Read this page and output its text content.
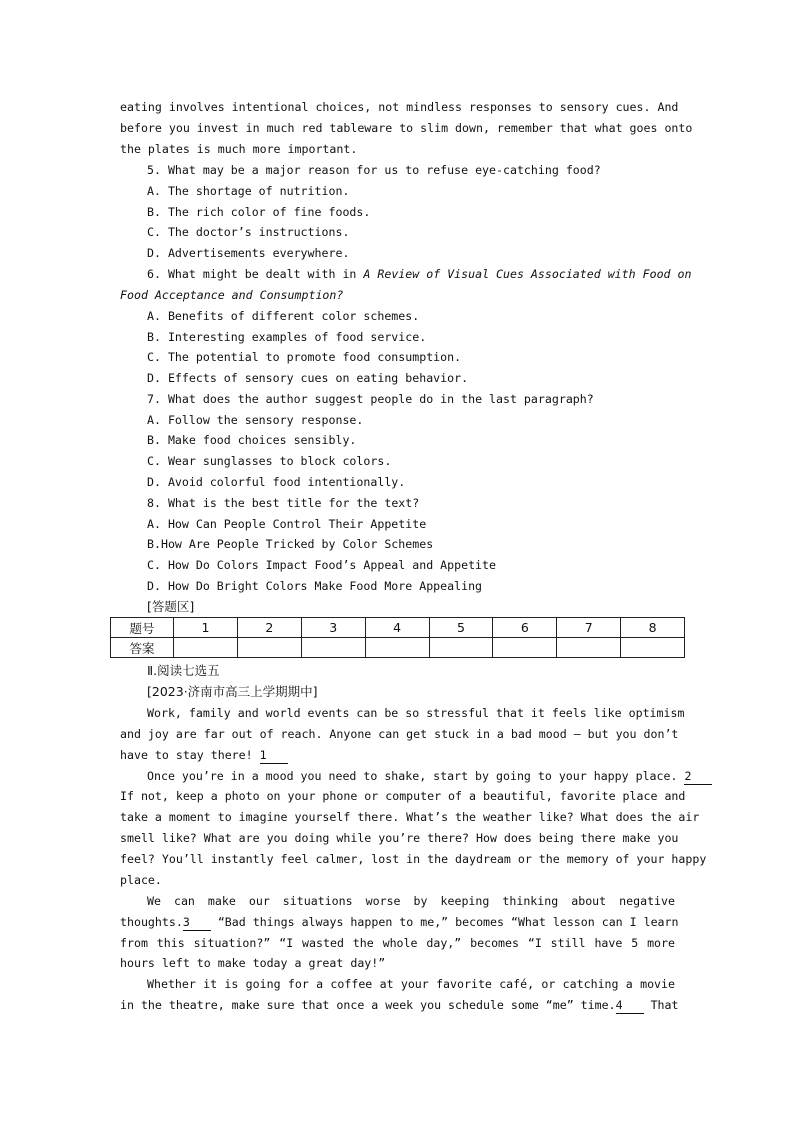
eating involves intentional choices, not mindless responses to sensory cues. And
before you invest in much red tableware to slim down, remember that what goes onto
the plates is much more important.
5. What may be a major reason for us to refuse eye-catching food?
A. The shortage of nutrition.
B. The rich color of fine foods.
C. The doctor’s instructions.
D. Advertisements everywhere.
6. What might be dealt with in A Review of Visual Cues Associated with Food on
Food Acceptance and Consumption?
A. Benefits of different color schemes.
B. Interesting examples of food service.
C. The potential to promote food consumption.
D. Effects of sensory cues on eating behavior.
7. What does the author suggest people do in the last paragraph?
A. Follow the sensory response.
B. Make food choices sensibly.
C. Wear sunglasses to block colors.
D. Avoid colorful food intentionally.
8. What is the best title for the text?
A. How Can People Control Their Appetite
B.How Are People Tricked by Color Schemes
C. How Do Colors Impact Food’s Appeal and Appetite
D. How Do Bright Colors Make Food More Appealing
[答题区]
题号	1	2	3	4	5	6	7	8
答案								
Ⅱ.阅读七选五
[2023·济南市高三上学期期中]
Work, family and world events can be so stressful that it feels like optimism
and joy are far out of reach. Anyone can get stuck in a bad mood — but you don’t
have to stay there! 1
Once you’re in a mood you need to shake, start by going to your happy place. 2
If not, keep a photo on your phone or computer of a beautiful, favorite place and
take a moment to imagine yourself there. What’s the weather like? What does the air
smell like? What are you doing while you’re there? How does being there make you
feel? You’ll instantly feel calmer, lost in the daydream or the memory of your happy
place.
We can make our situations worse by keeping thinking about negative
thoughts.3 “Bad things always happen to me,” becomes “What lesson can I learn
from this situation?” “I wasted the whole day,” becomes “I still have 5 more
hours left to make today a great day!”
Whether it is going for a coffee at your favorite café, or catching a movie
in the theatre, make sure that once a week you schedule some “me” time.4 That
